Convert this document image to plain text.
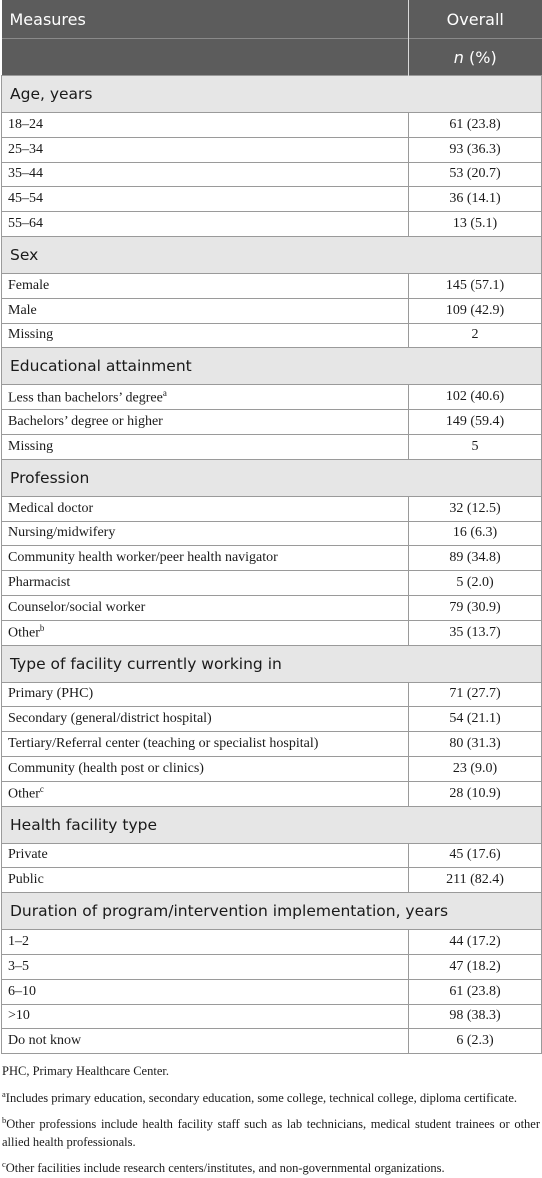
Measures	Overall
	n (%)
Age, years	
18–24	61 (23.8)
25–34	93 (36.3)
35–44	53 (20.7)
45–54	36 (14.1)
55–64	13 (5.1)
Sex	
Female	145 (57.1)
Male	109 (42.9)
Missing	2
Educational attainment	
Less than bachelors’ degree$^a$	102 (40.6)
Bachelors’ degree or higher	149 (59.4)
Missing	5
Profession	
Medical doctor	32 (12.5)
Nursing/midwifery	16 (6.3)
Community health worker/peer health navigator	89 (34.8)
Pharmacist	5 (2.0)
Counselor/social worker	79 (30.9)
Other$^b$	35 (13.7)
Type of facility currently working in	
Primary (PHC)	71 (27.7)
Secondary (general/district hospital)	54 (21.1)
Tertiary/Referral center (teaching or specialist hospital)	80 (31.3)
Community (health post or clinics)	23 (9.0)
Other$^c$	28 (10.9)
Health facility type	
Private	45 (17.6)
Public	211 (82.4)
Duration of program/intervention implementation, years	
1–2	44 (17.2)
3–5	47 (18.2)
6–10	61 (23.8)
>10	98 (38.3)
Do not know	6 (2.3)

PHC, Primary Healthcare Center.

$^a$Includes primary education, secondary education, some college, technical college, diploma certificate.

$^b$Other professions include health facility staff such as lab technicians, medical student trainees or other allied health professionals.

$^c$Other facilities include research centers/institutes, and non-governmental organizations.
